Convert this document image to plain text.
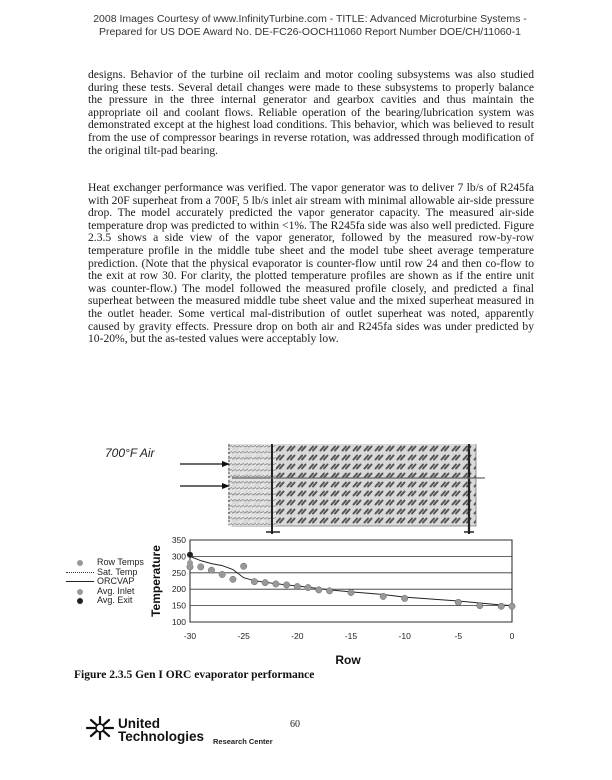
2008 Images Courtesy of www.InfinityTurbine.com - TITLE: Advanced Microturbine Systems -
Prepared for US DOE Award No. DE-FC26-OOCH11060 Report Number DOE/CH/11060-1

designs. Behavior of the turbine oil reclaim and motor cooling subsystems was also studied during these tests. Several detail changes were made to these subsystems to properly balance the pressure in the three internal generator and gearbox cavities and thus maintain the appropriate oil and coolant flows. Reliable operation of the bearing/lubrication system was demonstrated except at the highest load conditions. This behavior, which was believed to result from the use of compressor bearings in reverse rotation, was addressed through modification of the original tilt-pad bearing.

Heat exchanger performance was verified. The vapor generator was to deliver 7 lb/s of R245fa with 20F superheat from a 700F, 5 lb/s inlet air stream with minimal allowable air-side pressure drop. The model accurately predicted the vapor generator capacity. The measured air-side temperature drop was predicted to within <1%. The R245fa side was also well predicted. Figure 2.3.5 shows a side view of the vapor generator, followed by the measured row-by-row temperature profile in the middle tube sheet and the model tube sheet average temperature prediction. (Note that the physical evaporator is counter-flow until row 24 and then co-flow to the exit at row 30. For clarity, the plotted temperature profiles are shown as if the entire unit was counter-flow.) The model followed the measured profile closely, and predicted a final superheat between the measured middle tube sheet value and the mixed superheat measured in the outlet header. Some vertical mal-distribution of outlet superheat was noted, apparently caused by gravity effects. Pressure drop on both air and R245fa sides was under predicted by 10-20%, but the as-tested values were acceptably low.

100
150
200
250
300
350
-30	-25	-20	-15	-10	-5	0
Temperature
Row
700°F Air
Row Temps
Sat. Temp
ORCVAP
Avg. Inlet
Avg. Exit
Figure 2.3.5 Gen I ORC evaporator performance
United
Technologies Research Center
60
